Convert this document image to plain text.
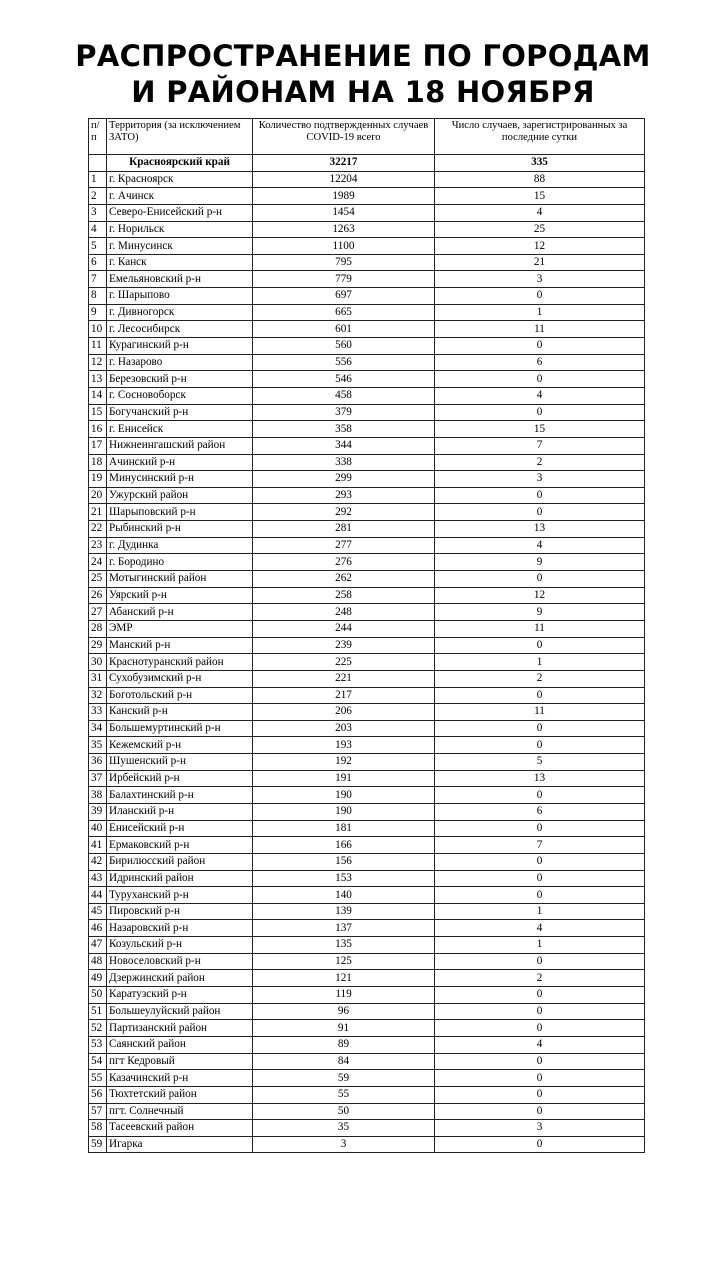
РАСПРОСТРАНЕНИЕ ПО ГОРОДАМ
И РАЙОНАМ НА 18 НОЯБРЯ
п/п	Территория (за исключением ЗАТО)	Количество подтвержденных случаев COVID-19 всего	Число случаев, зарегистрированных за последние сутки
	Красноярский край	32217	335
1	г. Красноярск	12204	88
2	г. Ачинск	1989	15
3	Северо-Енисейский р-н	1454	4
4	г. Норильск	1263	25
5	г. Минусинск	1100	12
6	г. Канск	795	21
7	Емельяновский р-н	779	3
8	г. Шарыпово	697	0
9	г. Дивногорск	665	1
10	г. Лесосибирск	601	11
11	Курагинский р-н	560	0
12	г. Назарово	556	6
13	Березовский р-н	546	0
14	г. Сосновоборск	458	4
15	Богучанский р-н	379	0
16	г. Енисейск	358	15
17	Нижнеингашский район	344	7
18	Ачинский р-н	338	2
19	Минусинский р-н	299	3
20	Ужурский район	293	0
21	Шарыповский р-н	292	0
22	Рыбинский р-н	281	13
23	г. Дудинка	277	4
24	г. Бородино	276	9
25	Мотыгинский район	262	0
26	Уярский р-н	258	12
27	Абанский р-н	248	9
28	ЭМР	244	11
29	Манский р-н	239	0
30	Краснотуранский район	225	1
31	Сухобузимский р-н	221	2
32	Боготольский р-н	217	0
33	Канский р-н	206	11
34	Большемуртинский р-н	203	0
35	Кежемский р-н	193	0
36	Шушенский р-н	192	5
37	Ирбейский р-н	191	13
38	Балахтинский р-н	190	0
39	Иланский р-н	190	6
40	Енисейский р-н	181	0
41	Ермаковский р-н	166	7
42	Бирилюсский район	156	0
43	Идринский район	153	0
44	Туруханский р-н	140	0
45	Пировский р-н	139	1
46	Назаровский р-н	137	4
47	Козульский р-н	135	1
48	Новоселовский р-н	125	0
49	Дзержинский район	121	2
50	Каратузский р-н	119	0
51	Большеулуйский район	96	0
52	Партизанский район	91	0
53	Саянский район	89	4
54	пгт Кедровый	84	0
55	Казачинский р-н	59	0
56	Тюхтетский район	55	0
57	пгт. Солнечный	50	0
58	Тасеевский район	35	3
59	Игарка	3	0
